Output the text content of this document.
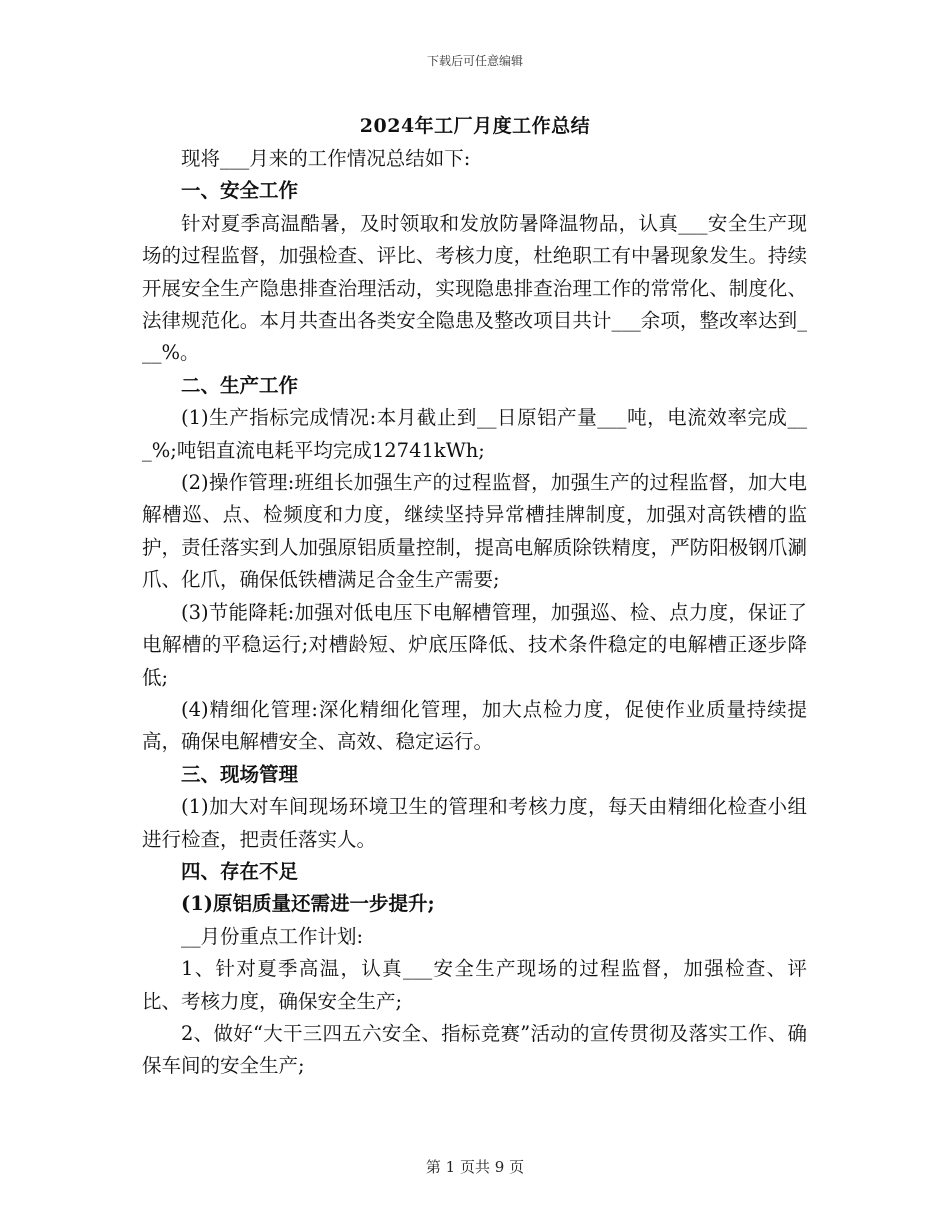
下载后可任意编辑
2024年工厂月度工作总结

现将___月来的工作情况总结如下:

一、安全工作

针对夏季高温酷暑，及时领取和发放防暑降温物品，认真___安全生产现场的过程监督，加强检查、评比、考核力度，杜绝职工有中暑现象发生。持续开展安全生产隐患排查治理活动，实现隐患排查治理工作的常常化、制度化、法律规范化。本月共查出各类安全隐患及整改项目共计___余项，整改率达到___%。

二、生产工作

(1)生产指标完成情况:本月截止到__日原铝产量___吨，电流效率完成___%;吨铝直流电耗平均完成12741kWh;

(2)操作管理:班组长加强生产的过程监督，加强生产的过程监督，加大电解槽巡、点、检频度和力度，继续坚持异常槽挂牌制度，加强对高铁槽的监护，责任落实到人加强原铝质量控制，提高电解质除铁精度，严防阳极钢爪涮爪、化爪，确保低铁槽满足合金生产需要;

(3)节能降耗:加强对低电压下电解槽管理，加强巡、检、点力度，保证了电解槽的平稳运行;对槽龄短、炉底压降低、技术条件稳定的电解槽正逐步降低;

(4)精细化管理:深化精细化管理，加大点检力度，促使作业质量持续提高，确保电解槽安全、高效、稳定运行。

三、现场管理

(1)加大对车间现场环境卫生的管理和考核力度，每天由精细化检查小组进行检查，把责任落实人。

四、存在不足

(1)原铝质量还需进一步提升;

__月份重点工作计划:

1、针对夏季高温，认真___安全生产现场的过程监督，加强检查、评比、考核力度，确保安全生产;

2、做好“大干三四五六安全、指标竞赛”活动的宣传贯彻及落实工作、确保车间的安全生产;

第 1 页共 9 页
